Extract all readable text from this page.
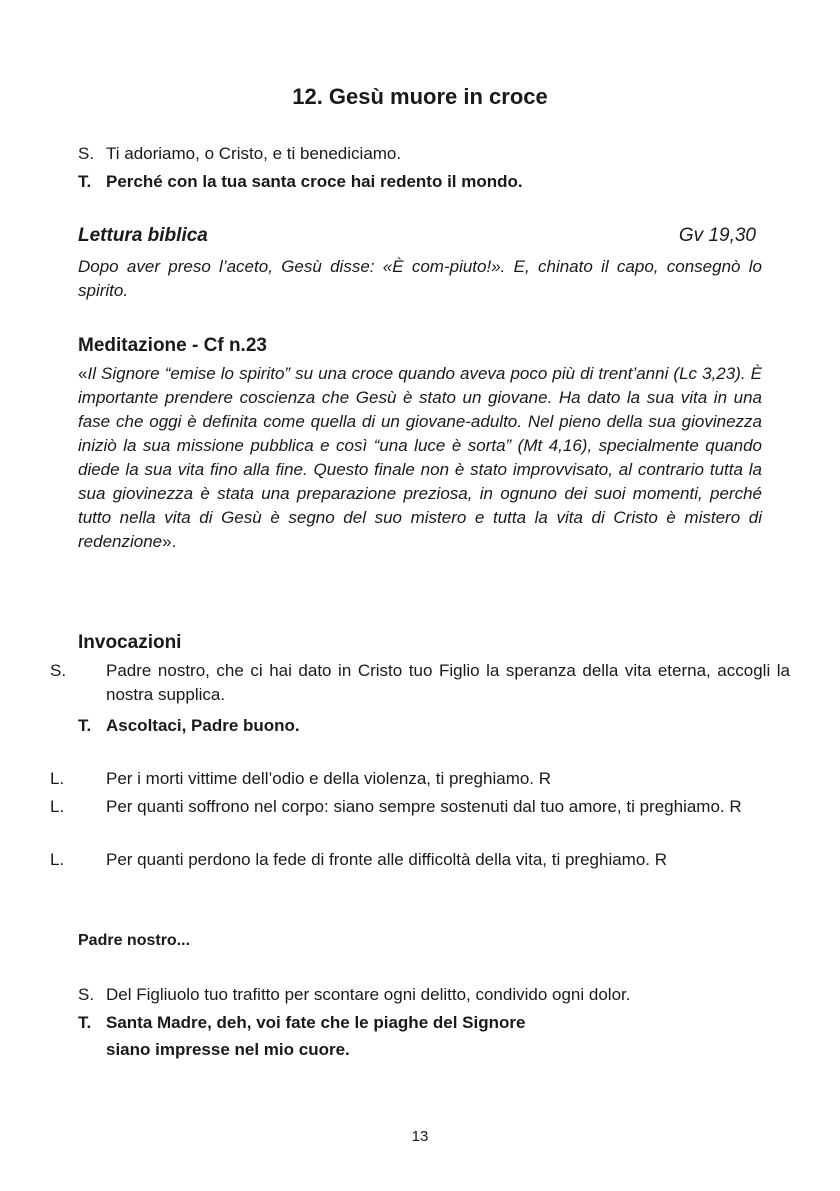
12. Gesù muore in croce
S. Ti adoriamo, o Cristo, e ti benediciamo.
T. Perché con la tua santa croce hai redento il mondo.
Lettura biblica	Gv 19,30
Dopo aver preso l’aceto, Gesù disse: «È com-piuto!». E, chinato il capo, consegnò lo spirito.
Meditazione - Cf n.23
«Il Signore “emise lo spirito” su una croce quando aveva poco più di trent’anni (Lc 3,23). È importante prendere coscienza che Gesù è stato un giovane. Ha dato la sua vita in una fase che oggi è definita come quella di un giovane-adulto. Nel pieno della sua giovinezza iniziò la sua missione pubblica e così “una luce è sorta” (Mt 4,16), specialmente quando diede la sua vita fino alla fine. Questo finale non è stato improvvisato, al contrario tutta la sua giovinezza è stata una preparazione preziosa, in ognuno dei suoi momenti, perché tutto nella vita di Gesù è segno del suo mistero e tutta la vita di Cristo è mistero di redenzione».
Invocazioni
S. Padre nostro, che ci hai dato in Cristo tuo Figlio la speranza della vita eterna, accogli la nostra supplica.
T. Ascoltaci, Padre buono.
L. Per i morti vittime dell’odio e della violenza, ti preghiamo. R
L. Per quanti soffrono nel corpo: siano sempre sostenuti dal tuo amore, ti preghiamo. R
L. Per quanti perdono la fede di fronte alle difficoltà della vita, ti preghiamo. R
Padre nostro...
S. Del Figliuolo tuo trafitto per scontare ogni delitto, condivido ogni dolor.
T. Santa Madre, deh, voi fate che le piaghe del Signore
siano impresse nel mio cuore.
13
